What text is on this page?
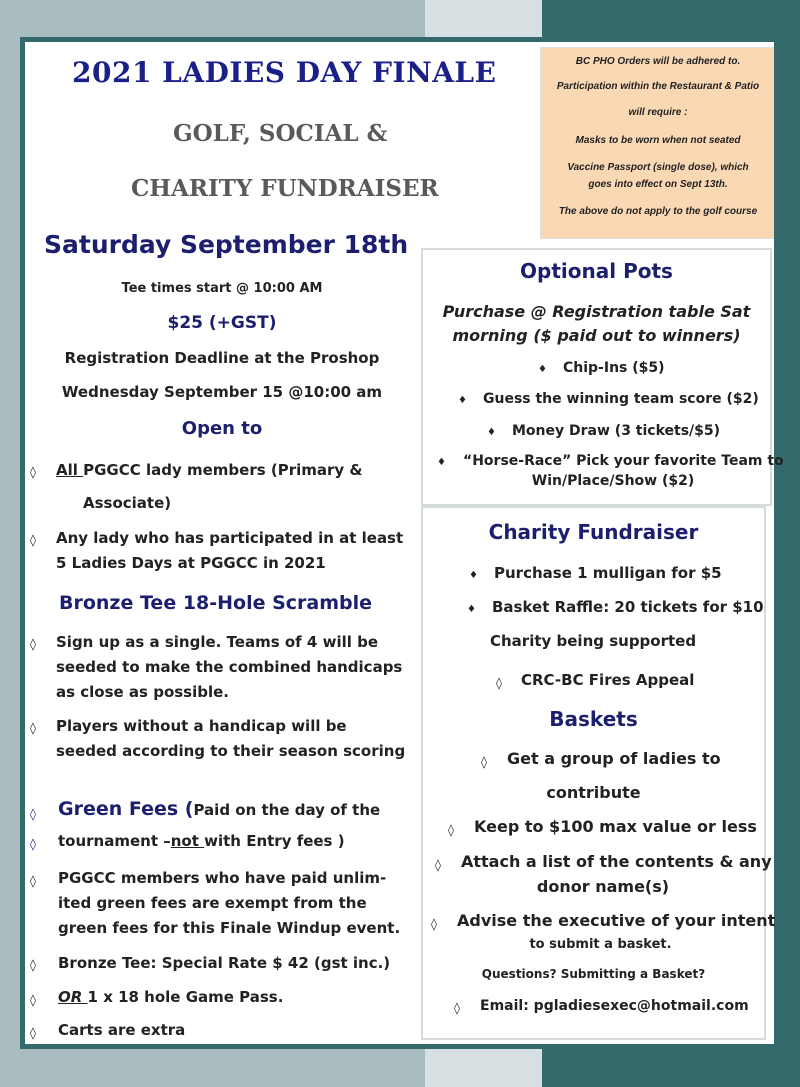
2021 LADIES DAY FINALE
GOLF, SOCIAL &
CHARITY FUNDRAISER
BC PHO Orders will be adhered to.
Participation within the Restaurant & Patio
will require :
Masks to be worn when not seated
Vaccine Passport (single dose), which
goes into effect on Sept 13th.
The above do not apply to the golf course
Saturday September 18th
Tee times start @ 10:00 AM
$25 (+GST)
Registration Deadline at the Proshop
Wednesday September 15 @10:00 am
Open to
◊ All PGGCC lady members (Primary &
Associate)
◊ Any lady who has participated in at least
5 Ladies Days at PGGCC in 2021
Bronze Tee 18-Hole Scramble
◊ Sign up as a single. Teams of 4 will be
seeded to make the combined handicaps
as close as possible.
◊ Players without a handicap will be
seeded according to their season scoring
◊ Green Fees (Paid on the day of the
◊ tournament –not with Entry fees )
◊ PGGCC members who have paid unlim-
ited green fees are exempt from the
green fees for this Finale Windup event.
◊ Bronze Tee: Special Rate $ 42 (gst inc.)
◊ OR 1 x 18 hole Game Pass.
◊ Carts are extra
Optional Pots
Purchase @ Registration table Sat
morning ($ paid out to winners)
♦ Chip-Ins ($5)
♦ Guess the winning team score ($2)
♦ Money Draw (3 tickets/$5)
♦ “Horse-Race” Pick your favorite Team to
Win/Place/Show ($2)
Charity Fundraiser
♦ Purchase 1 mulligan for $5
♦ Basket Raffle: 20 tickets for $10
Charity being supported
◊ CRC-BC Fires Appeal
Baskets
◊ Get a group of ladies to
contribute
◊ Keep to $100 max value or less
◊ Attach a list of the contents & any
donor name(s)
◊ Advise the executive of your intent
to submit a basket.
Questions? Submitting a Basket?
◊ Email: pgladiesexec@hotmail.com
